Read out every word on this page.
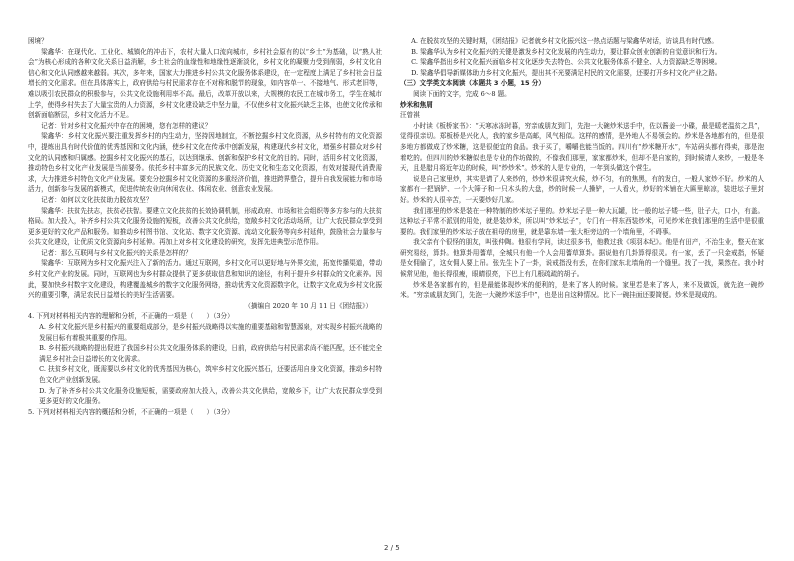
困境？

梁鑫华：在现代化、工业化、城镇化的冲击下，农村大量人口流向城市，乡村社会原有的以“乡土”为基础，以“熟人社会”为核心形成的各种文化关系日益消解，乡土社会的血缘性和地缘性逐渐淡化，乡村文化的凝聚力受到削弱，乡村文化自信心和文化认同感越来越弱。其次，多年来，国家大力推进乡村公共文化服务体系建设，在一定程度上满足了乡村社会日益增长的文化需求。但在具体落实上，政府供给与村民需求存在不对称和脱节的现象，如内容单一、不接地气、形式老旧等，难以吸引农民群众的积极参与，公共文化设施利用率不高。最后，改革开放以来，大规模的农民工在城市务工，学生在城市上学，使得乡村失去了大量宝贵的人力资源，乡村文化建设缺乏中坚力量，不仅使乡村文化振兴缺乏主体，也使文化传承和创新面临断层，乡村文化活力不足。

记者：针对乡村文化振兴中存在的困境，您有怎样的建议？

梁鑫华：乡村文化振兴要注重发挥乡村的内生动力，坚持因地制宜，不断挖掘乡村文化资源，从乡村特有的文化资源中，提炼出具有时代价值的优秀基因和文化内涵，使乡村文化在传承中创新发展，构建现代乡村文化，增强乡村群众对乡村文化的认同感和归属感。挖掘乡村文化振兴的基石，以达到继承、创新和保护乡村文化的目的。同时，活用乡村文化资源，推动特色乡村文化产业发展是当前要务。依托乡村丰富多元的民族文化、历史文化和生态文化资源，有效对接现代消费需求，大力推进乡村特色文化产业发展。要充分挖掘乡村文化资源的多重经济价值，推进跨界整合，提升自我发展能力和市场活力，创新参与发展的新模式，促进传统农业向休闲农业、体闲农业、创意农业发展。

记者：如何以文化扶贫助力脱贫攻坚？

梁鑫华：扶贫先扶志，扶贫必扶智。要建立文化扶贫的长效协调机制，形成政府、市场和社会组织等多方参与的大扶贫格局。加大投入，补齐乡村公共文化服务设施的短板，改善公共文化供给，宽敞乡村文化活动场所，让广大农民群众享受到更多更好的文化产品和服务。如推动乡村图书馆、文化站、数字文化资源、流动文化服务等向乡村延伸，鼓励社会力量参与公共文化建设，让优质文化资源向乡村延伸。再加上对乡村文化建设的研究，发挥先进典型示范作用。

记者：那么互联网与乡村文化振兴的关系是怎样的？

梁鑫华：互联网为乡村文化振兴注入了新的活力。通过互联网，乡村文化可以更好地与外界交流，拓宽传播渠道，带动乡村文化产业的发展。同时，互联网也为乡村群众提供了更多获取信息和知识的途径，有利于提升乡村群众的文化素养。因此，要加快乡村数字文化建设，构建覆盖城乡的数字文化服务网络，推动优秀文化资源数字化，让数字文化成为乡村文化振兴的重要引擎，满足农民日益增长的美好生活需要。

（摘编自 2020 年 10 月 11 日《团结报》）

4. 下列对材料相关内容的理解和分析，不正确的一项是（　　）（3分）

A. 乡村文化振兴是乡村振兴的重要组成部分，是乡村振兴战略得以实施的重要基础和智慧源泉，对实现乡村振兴战略的发展目标有着极其重要的作用。

B. 乡村振兴战略的提出促进了我国乡村公共文化服务体系的建设，日前，政府供给与村民需求尚不能匹配，还不能完全满足乡村社会日益增长的文化需求。

C. 扶贫乡村文化，既需要以乡村文化的优秀基因为核心，筑牢乡村文化振兴基石，还要活用自身文化资源，推动乡村特色文化产业创新发展。

D. 为了补齐乡村公共文化服务设施短板，需要政府加大投入，改善公共文化供给，宽敞乡下，让广大农民群众享受到更多更好的文化服务。

5. 下列对材料相关内容的概括和分析，不正确的一项是（　　）（3分）

A. 在脱贫攻坚的关键时期，《团结报》记者就乡村文化振兴这一热点话题与梁鑫华对话，访谈具有时代感。

B. 梁鑫华认为乡村文化振兴的关键是激发乡村文化发展的内生动力，要让群众创业创新的自觉意识和行为。

C. 梁鑫华指出乡村文化振兴面临乡村文化逐步失去特色、公共文化服务体系不健全、人力资源缺乏等困境。

D. 梁鑫华倡导新媒体助力乡村文化振兴，提出其不光要满足村民的文化需要，还要打开乡村文化产业之路。

（三）文学类文本阅读（本题共 3 小题，15 分）

阅读下面的文字，完成 6～8 题。

炒米和焦屑

汪曾祺

小时读《板桥家书》：“天寒冰冻时暮，穷亲戚朋友到门，先泡一大碗炒米送手中，佐以酱姜一小碟，最是暖老温贫之具”，觉得很亲切。郑板桥是兴化人，我的家乡是高邮，风气相似。这样的感情，是外地人不易领会的。炒米是各地都有的，但是很多地方都做成了炒米糖，这是很便宜的食品。我于买了，嚼嚼也能当饭的。四川有“炒米糖开水”，车站码头都有得卖，那是泡着吃的。但四川的炒米糖似也是专业的作坊做的，不像我们那里，家家都炒米，但却不是自家的，到时候请人来炒，一般是冬天，且是腊月将近年边的时候，叫“炒炒米”。炒米的人是专业的，一年到头做这个营生。

说是自己家里炒，其实是请了人来炒的，炒炒米很讲究火候，炒不匀，有的焦黑，有的发白，一般人家炒不好。炒米的人家都有一把锅铲、一个大筛子和一只木头的大盘，炒的时候一人操铲，一人看火，炒好的米铺在大匾里晾凉，装进坛子里封好。炒米的人很辛苦，一天要炒好几家。

我们那里的炒米是装在一种特制的炒米坛子里的。炒米坛子是一种大瓦罐，比一般的坛子矮一些，肚子大，口小，有盖。这种坛子平常不派别的用处，就是装炒米，所以叫“炒米坛子”，专门有一样东西装炒米，可见炒米在我们那里的生活中是很重要的。我们家里的炒米坛子放在祖母的房里，就是靠东墙一张大柜旁边的一个墙角里，不碍事。

我父亲有个很怪的朋友，叫张仲陶。他很有学问，读过很多书，他教过我《项羽本纪》。他是有田产，不治生业，整天在家研究易经，算卦。他算卦用蓍草，全城只有他一个人会用蓍草算卦。据说他有几卦算得很灵。有一家，丢了一只金戒指，怀疑是女佣偷了，这女佣人要上吊。张先生卜了一卦，说戒指没有丢，在你们家东北墙角的一个缝里。找了一找，果然在。我小时候常见他，他长得很瘦，眼睛很亮，下巴上有几根疏疏的胡子。

炒米是各家都有的，但是最能体现炒米的便利的，是来了客人的时候。家里若是来了客人，来不及做饭，就先泡一碗炒米。“穷亲戚朋友到门，先泡一大碗炒米送手中”，也是出自这种情况。比下一碗挂面还要简便。炒米是现成的。

2 / 5
